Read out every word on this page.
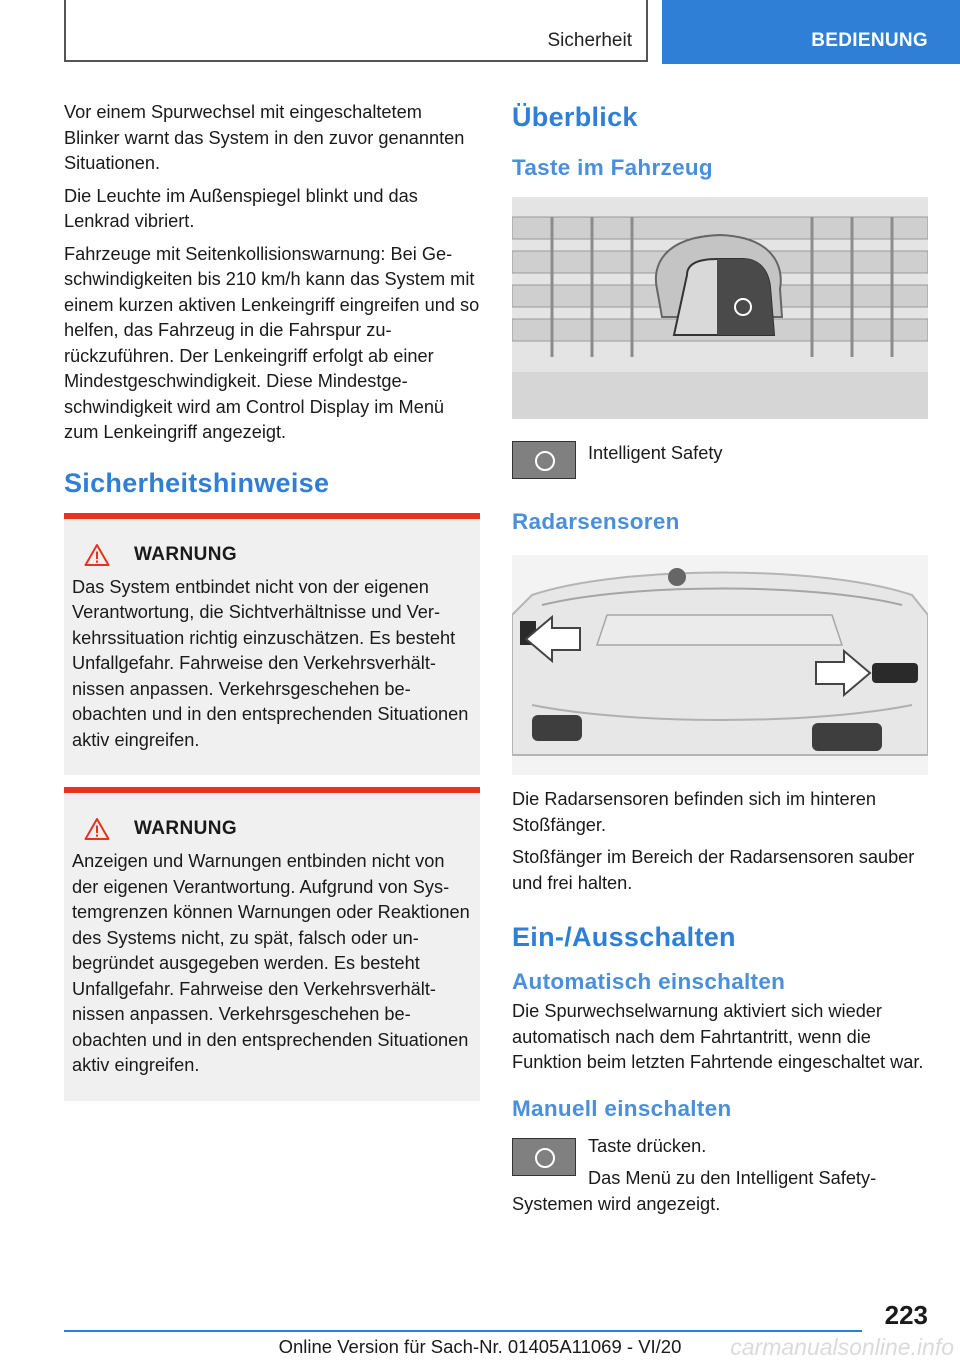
Sicherheit	BEDIENUNG

Vor einem Spurwechsel mit eingeschaltetem Blinker warnt das System in den zuvor genannten Situationen.

Die Leuchte im Außenspiegel blinkt und das Lenkrad vibriert.

Fahrzeuge mit Seitenkollisionswarnung: Bei Geschwindigkeiten bis 210 km/h kann das System mit einem kurzen aktiven Lenkeingriff eingreifen und so helfen, das Fahrzeug in die Fahrspur zurückzuführen. Der Lenkeingriff erfolgt ab einer Mindestgeschwindigkeit. Diese Mindestgeschwindigkeit wird am Control Display im Menü zum Lenkeingriff angezeigt.

Sicherheitshinweise
WARNUNG

Das System entbindet nicht von der eigenen Verantwortung, die Sichtverhältnisse und Verkehrssituation richtig einzuschätzen. Es besteht Unfallgefahr. Fahrweise den Verkehrsverhältnissen anpassen. Verkehrsgeschehen beobachten und in den entsprechenden Situationen aktiv eingreifen.

WARNUNG

Anzeigen und Warnungen entbinden nicht von der eigenen Verantwortung. Aufgrund von Systemgrenzen können Warnungen oder Reaktionen des Systems nicht, zu spät, falsch oder unbegründet ausgegeben werden. Es besteht Unfallgefahr. Fahrweise den Verkehrsverhältnissen anpassen. Verkehrsgeschehen beobachten und in den entsprechenden Situationen aktiv eingreifen.

Überblick
Taste im Fahrzeug
Intelligent Safety
Radarsensoren

Die Radarsensoren befinden sich im hinteren Stoßfänger.

Stoßfänger im Bereich der Radarsensoren sauber und frei halten.

Ein-/Ausschalten
Automatisch einschalten

Die Spurwechselwarnung aktiviert sich wieder automatisch nach dem Fahrtantritt, wenn die Funktion beim letzten Fahrtende eingeschaltet war.

Manuell einschalten

Taste drücken.

Das Menü zu den Intelligent Safety-Systemen wird angezeigt.

223
Online Version für Sach-Nr. 01405A11069 - VI/20	carmanualsonline.info
